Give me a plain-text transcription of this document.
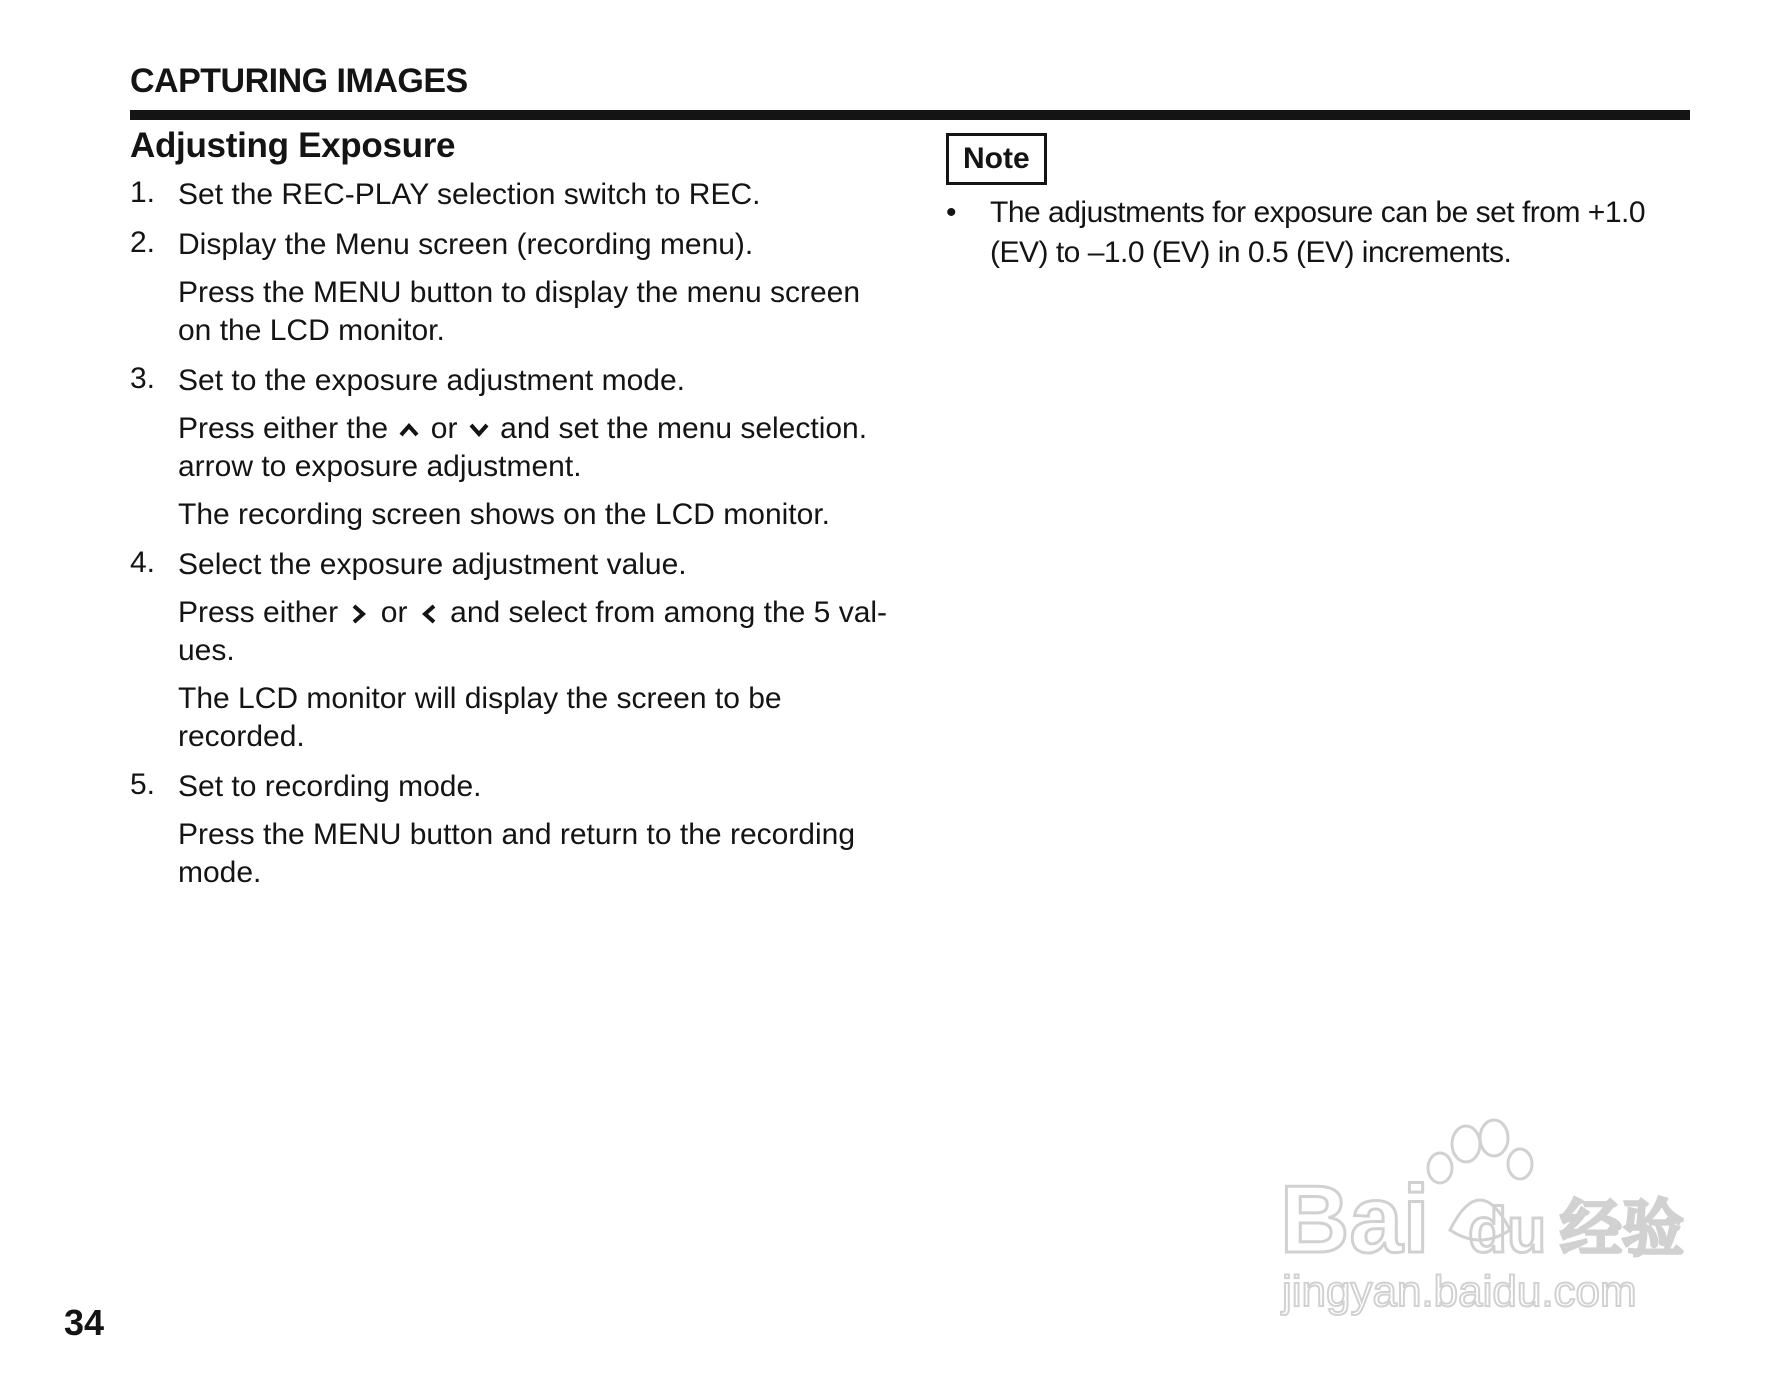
CAPTURING IMAGES
Adjusting Exposure
1. Set the REC-PLAY selection switch to REC.
2. Display the Menu screen (recording menu).

Press the MENU button to display the menu screen on the LCD monitor.

3. Set to the exposure adjustment mode.

Press either the or and set the menu selection. arrow to exposure adjustment.

The recording screen shows on the LCD monitor.

4. Select the exposure adjustment value.

Press either or and select from among the 5 val-ues.

The LCD monitor will display the screen to be recorded.

5. Set to recording mode.

Press the MENU button and return to the recording mode.

Note
• The adjustments for exposure can be set from +1.0 (EV) to –1.0 (EV) in 0.5 (EV) increments.
34
Bai du 经验
jingyan.baidu.com
